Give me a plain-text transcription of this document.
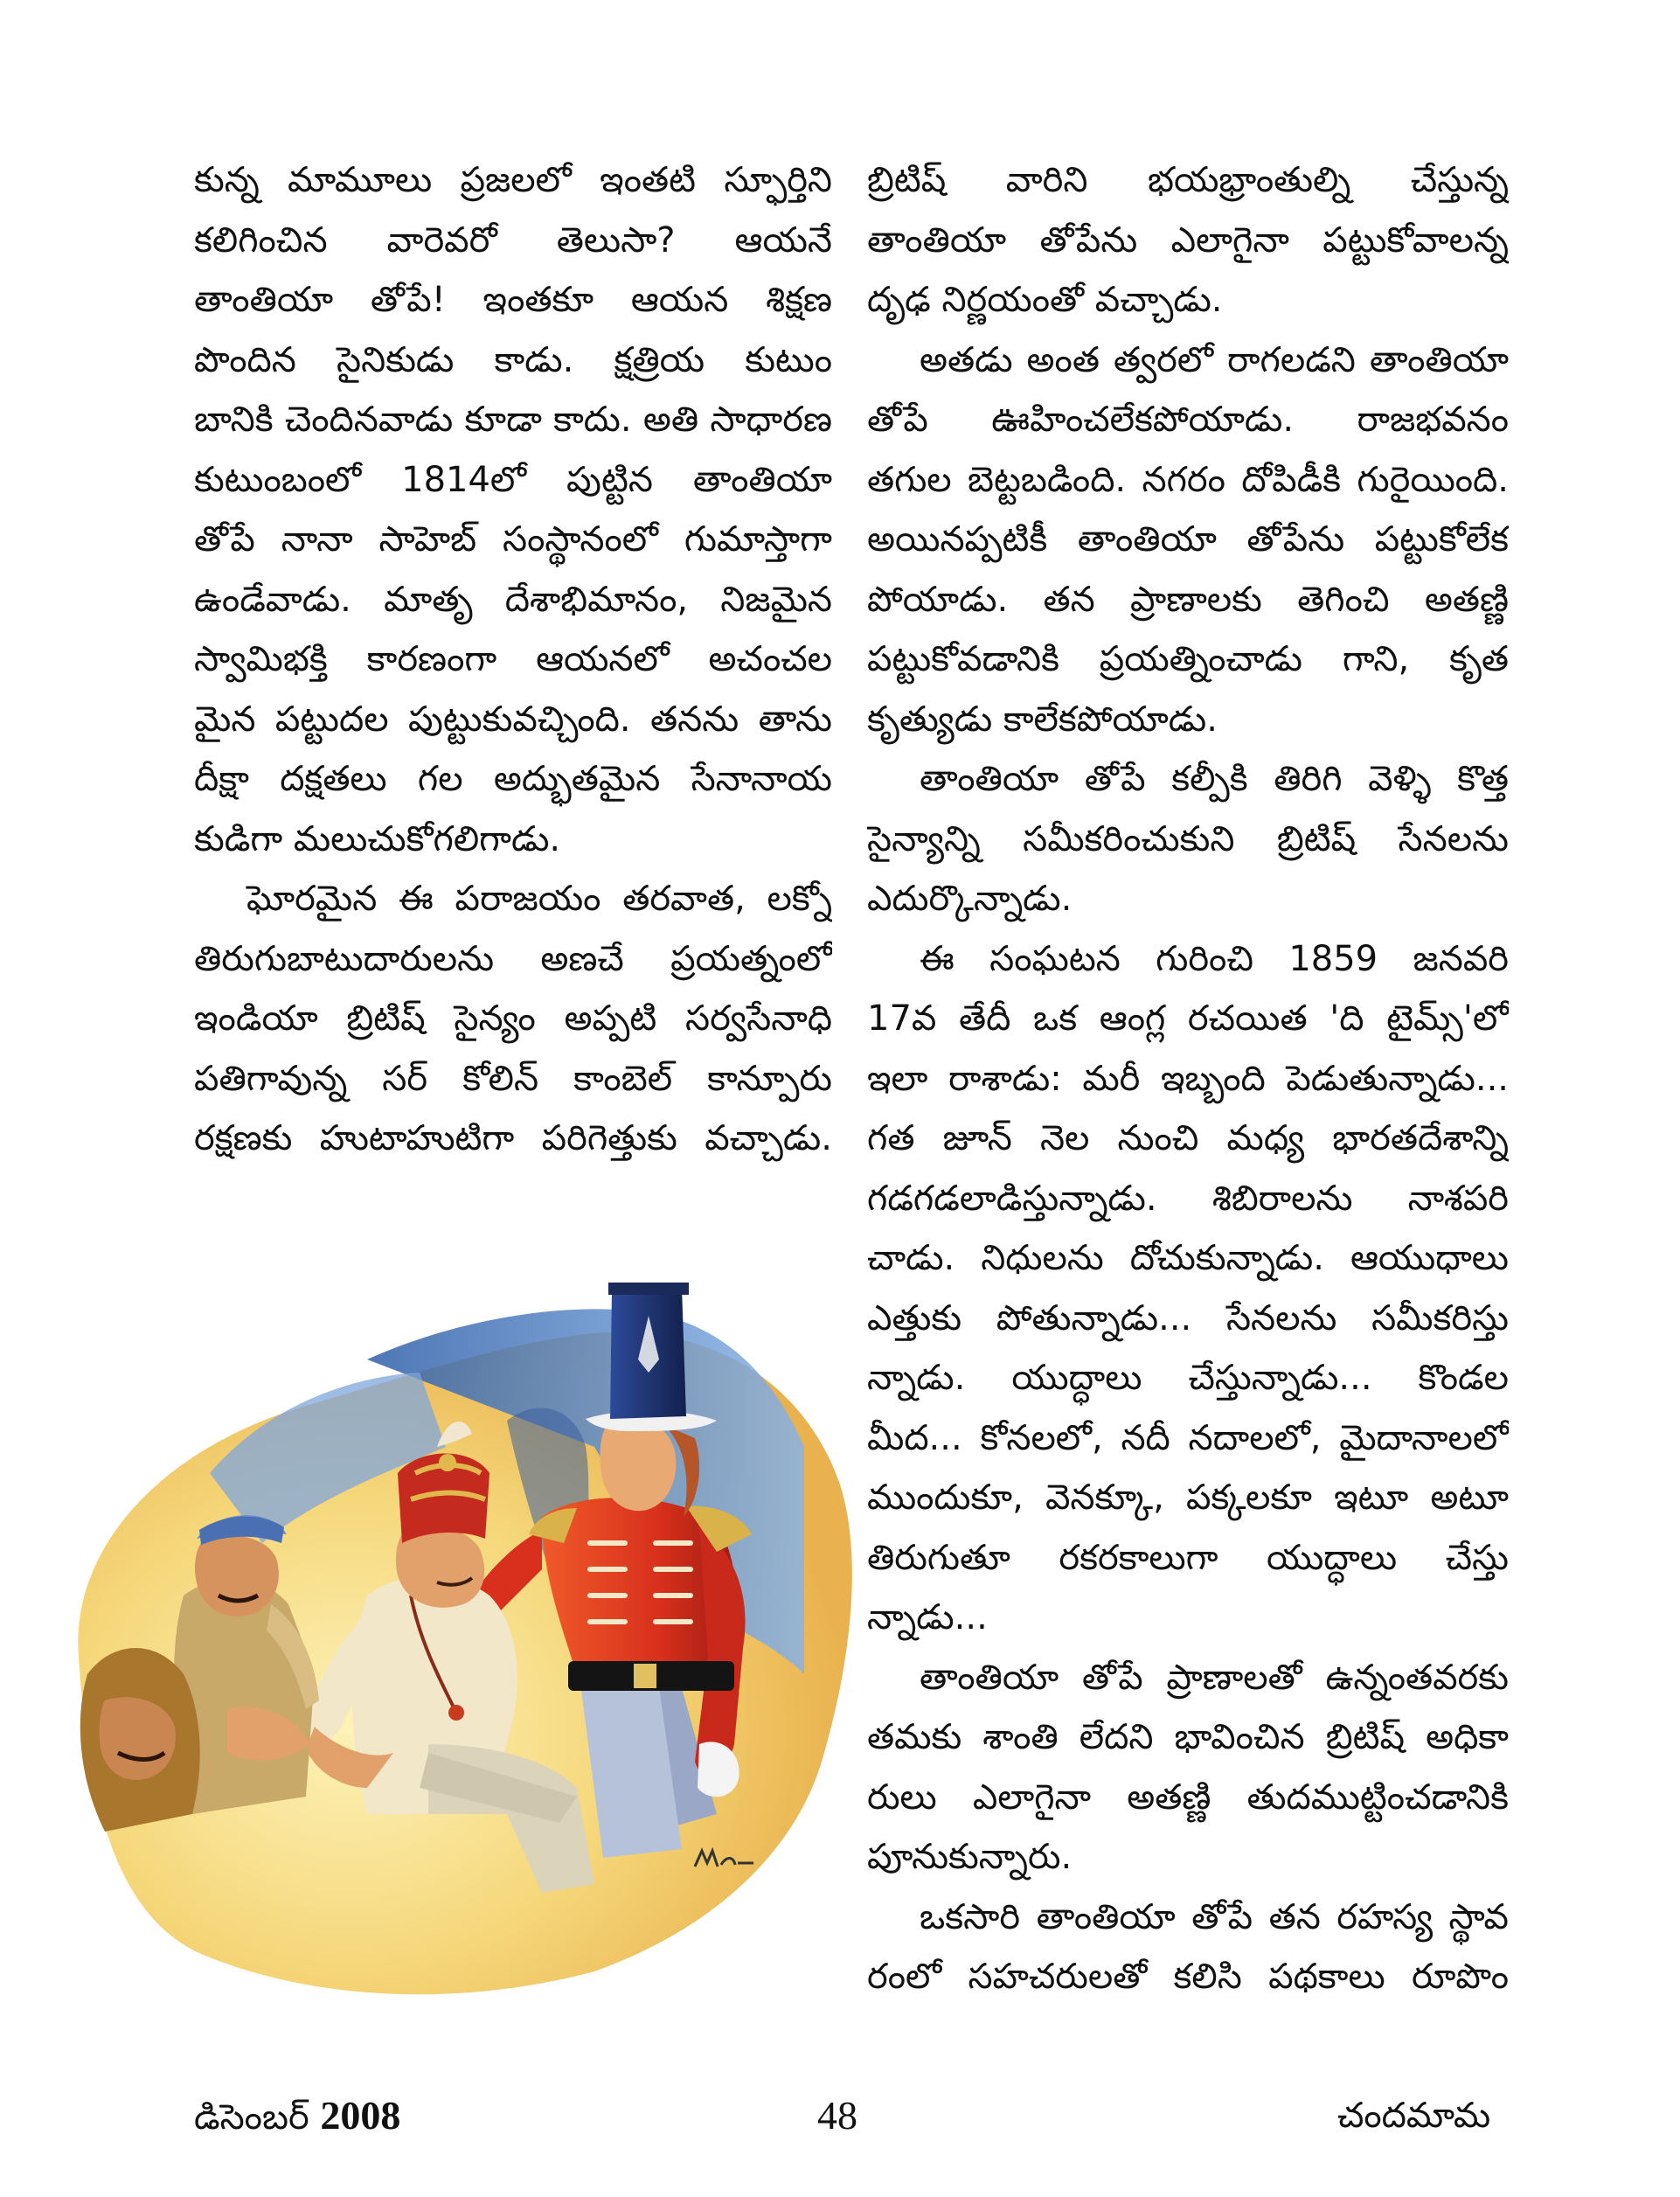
కున్న మామూలు ప్రజలలో ఇంతటి స్ఫూర్తిని
కలిగించిన వారెవరో తెలుసా? ఆయనే
తాంతియా తోపే! ఇంతకూ ఆయన శిక్షణ
పొందిన సైనికుడు కాడు. క్షత్రియ కుటుం
బానికి చెందినవాడు కూడా కాదు. అతి సాధారణ
కుటుంబంలో 1814లో పుట్టిన తాంతియా
తోపే నానా సాహెబ్ సంస్థానంలో గుమాస్తాగా
ఉండేవాడు. మాతృ దేశాభిమానం, నిజమైన
స్వామిభక్తి కారణంగా ఆయనలో అచంచల
మైన పట్టుదల పుట్టుకువచ్చింది. తనను తాను
దీక్షా దక్షతలు గల అద్భుతమైన సేనానాయ
కుడిగా మలుచుకోగలిగాడు.
ఘోరమైన ఈ పరాజయం తరవాత, లక్నో
తిరుగుబాటుదారులను అణచే ప్రయత్నంలో
ఇండియా బ్రిటిష్ సైన్యం అప్పటి సర్వసేనాధి
పతిగావున్న సర్ కోలిన్ కాంబెల్ కాన్పూరు
రక్షణకు హుటాహుటిగా పరిగెత్తుకు వచ్చాడు.
బ్రిటిష్ వారిని భయభ్రాంతుల్ని చేస్తున్న
తాంతియా తోపేను ఎలాగైనా పట్టుకోవాలన్న
దృఢ నిర్ణయంతో వచ్చాడు.
అతడు అంత త్వరలో రాగలడని తాంతియా
తోపే ఊహించలేకపోయాడు. రాజభవనం
తగుల బెట్టబడింది. నగరం దోపిడీకి గురైయింది.
అయినప్పటికీ తాంతియా తోపేను పట్టుకోలేక
పోయాడు. తన ప్రాణాలకు తెగించి అతణ్ణి
పట్టుకోవడానికి ప్రయత్నించాడు గాని, కృత
కృత్యుడు కాలేకపోయాడు.
తాంతియా తోపే కల్పీకి తిరిగి వెళ్ళి కొత్త
సైన్యాన్ని సమీకరించుకుని బ్రిటిష్ సేనలను
ఎదుర్కొన్నాడు.
ఈ సంఘటన గురించి 1859 జనవరి
17వ తేదీ ఒక ఆంగ్ల రచయిత 'ది టైమ్స్'లో
ఇలా రాశాడు: మరీ ఇబ్బంది పెడుతున్నాడు...
గత జూన్ నెల నుంచి మధ్య భారతదేశాన్ని
గడగడలాడిస్తున్నాడు. శిబిరాలను నాశపరి
చాడు. నిధులను దోచుకున్నాడు. ఆయుధాలు
ఎత్తుకు పోతున్నాడు... సేనలను సమీకరిస్తు
న్నాడు. యుద్ధాలు చేస్తున్నాడు... కొండల
మీద... కోనలలో, నదీ నదాలలో, మైదానాలలో
ముందుకూ, వెనక్కూ, పక్కలకూ ఇటూ అటూ
తిరుగుతూ రకరకాలుగా యుద్ధాలు చేస్తు
న్నాడు...
తాంతియా తోపే ప్రాణాలతో ఉన్నంతవరకు
తమకు శాంతి లేదని భావించిన బ్రిటిష్ అధికా
రులు ఎలాగైనా అతణ్ణి తుదముట్టించడానికి
పూనుకున్నారు.
ఒకసారి తాంతియా తోపే తన రహస్య స్థావ
రంలో సహచరులతో కలిసి పథకాలు రూపొం
డిసెంబర్ 2008	48	చందమామ
